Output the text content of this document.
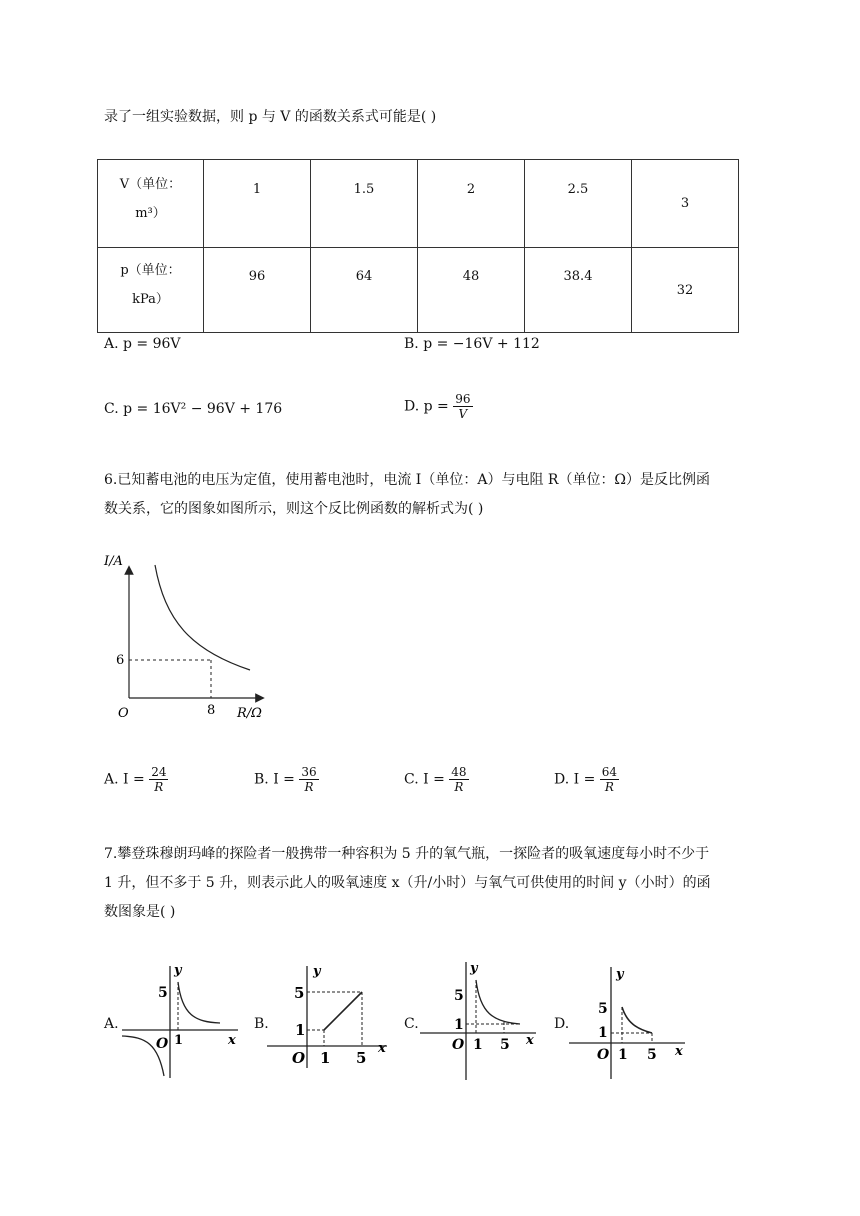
录了一组实验数据，则 p 与 V 的函数关系式可能是( )
V（单位：
m³）	1	1.5	2	2.5	3

p（单位：
kPa）	96	64	48	38.4	32
A. p = 96V	B. p = −16V + 112
C. p = 16V² − 96V + 176	D. $p = \frac{96}{V}$
6.已知蓄电池的电压为定值，使用蓄电池时，电流 I（单位：A）与电阻 R（单位：Ω）是反比例函
数关系，它的图象如图所示，则这个反比例函数的解析式为( )
I/A
R/Ω
O
6
8
A. $I = \frac{24}{R}$	B. $I = \frac{36}{R}$	C. $I = \frac{48}{R}$	D. $I = \frac{64}{R}$
7.攀登珠穆朗玛峰的探险者一般携带一种容积为 5 升的氧气瓶，一探险者的吸氧速度每小时不少于
1 升，但不多于 5 升，则表示此人的吸氧速度 x（升/小时）与氧气可供使用的时间 y（小时）的函
数图象是( )
A.
y
x
O
5
1
B.
y
x
O
5
1
1 5
C.
y
x
O
5
1
1 5
D.
y
x
O
5
1
1 5
